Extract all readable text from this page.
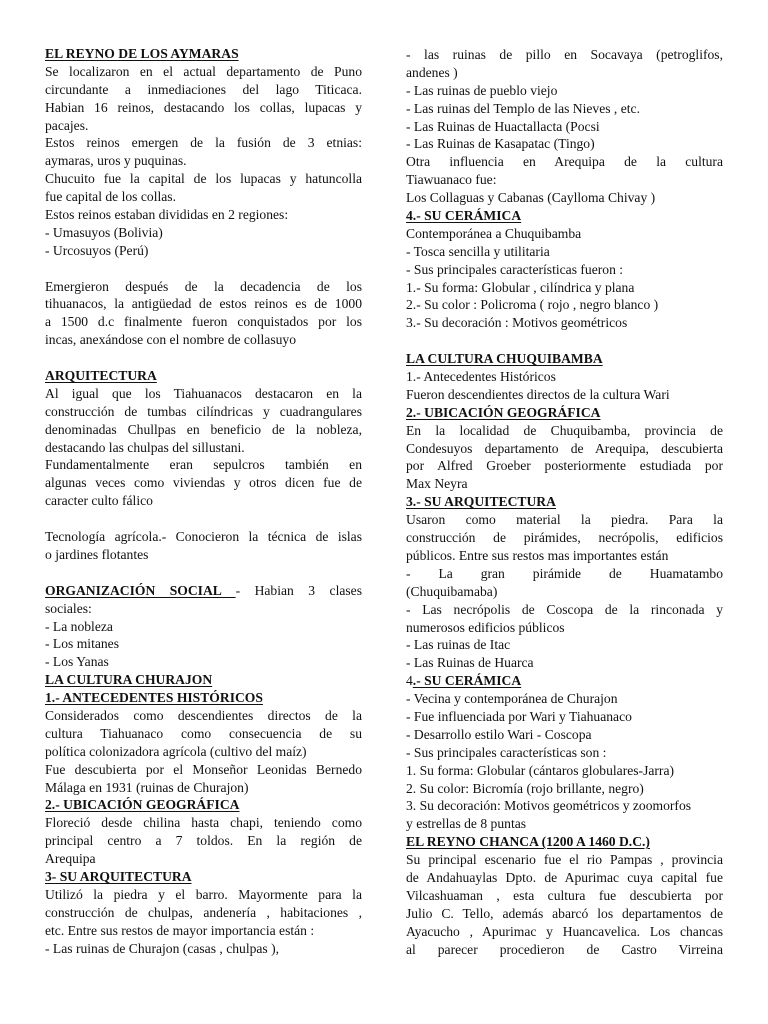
EL REYNO DE LOS AYMARAS
Se localizaron en el actual departamento de Puno
circundante a inmediaciones del lago Titicaca.
Habian 16 reinos, destacando los collas, lupacas y
pacajes.
Estos reinos emergen de la fusión de 3 etnias:
aymaras, uros y puquinas.
Chucuito fue la capital de los lupacas y hatuncolla
fue capital de los collas.
Estos reinos estaban divididas en 2 regiones:
- Umasuyos (Bolivia)
- Urcosuyos (Perú)
Emergieron después de la decadencia de los
tihuanacos, la antigüedad de estos reinos es de 1000
a 1500 d.c finalmente fueron conquistados por los
incas, anexándose con el nombre de collasuyo
ARQUITECTURA
Al igual que los Tiahuanacos destacaron en la
construcción de tumbas cilíndricas y cuadrangulares
denominadas Chullpas en beneficio de la nobleza,
destacando las chulpas del sillustani.
Fundamentalmente eran sepulcros también en
algunas veces como viviendas y otros dicen fue de
caracter culto fálico
Tecnología agrícola.- Conocieron la técnica de islas
o jardines flotantes
ORGANIZACIÓN SOCIAL - Habian 3 clases
sociales:
- La nobleza
- Los mitanes
- Los Yanas
LA CULTURA CHURAJON
1.- ANTECEDENTES HISTÓRICOS
Considerados como descendientes directos de la
cultura Tiahuanaco como consecuencia de su
política colonizadora agrícola (cultivo del maíz)
Fue descubierta por el Monseñor Leonidas Bernedo
Málaga en 1931 (ruinas de Churajon)
2.- UBICACIÓN GEOGRÁFICA
Floreció desde chilina hasta chapi, teniendo como
principal centro a 7 toldos. En la región de
Arequipa
3- SU ARQUITECTURA
Utilizó la piedra y el barro. Mayormente para la
construcción de chulpas, andenería , habitaciones ,
etc. Entre sus restos de mayor importancia están :
- Las ruinas de Churajon (casas , chulpas ),
- las ruinas de pillo en Socavaya (petroglifos,
andenes )
- Las ruinas de pueblo viejo
- Las ruinas del Templo de las Nieves , etc.
- Las Ruinas de Huactallacta (Pocsi
- Las Ruinas de Kasapatac (Tingo)
Otra influencia en Arequipa de la cultura
Tiawuanaco fue:
Los Collaguas y Cabanas (Caylloma Chivay )
4.- SU CERÁMICA
Contemporánea a Chuquibamba
- Tosca sencilla y utilitaria
- Sus principales características fueron :
1.- Su forma: Globular , cilíndrica y plana
2.- Su color : Policroma ( rojo , negro blanco )
3.- Su decoración : Motivos geométricos
LA CULTURA CHUQUIBAMBA
1.- Antecedentes Históricos
Fueron descendientes directos de la cultura Wari
2.- UBICACIÓN GEOGRÁFICA
En la localidad de Chuquibamba, provincia de
Condesuyos departamento de Arequipa, descubierta
por Alfred Groeber posteriormente estudiada por
Max Neyra
3.- SU ARQUITECTURA
Usaron como material la piedra. Para la
construcción de pirámides, necrópolis, edificios
públicos. Entre sus restos mas importantes están
- La gran pirámide de Huamatambo
(Chuquibamaba)
- Las necrópolis de Coscopa de la rinconada y
numerosos edificios públicos
- Las ruinas de Itac
- Las Ruinas de Huarca
4.- SU CERÁMICA
- Vecina y contemporánea de Churajon
- Fue influenciada por Wari y Tiahuanaco
- Desarrollo estilo Wari - Coscopa
- Sus principales características son :
1. Su forma: Globular (cántaros globulares-Jarra)
2. Su color: Bicromía (rojo brillante, negro)
3. Su decoración: Motivos geométricos y zoomorfos
y estrellas de 8 puntas
EL REYNO CHANCA (1200 A 1460 D.C.)
Su principal escenario fue el rio Pampas , provincia
de Andahuaylas Dpto. de Apurimac cuya capital fue
Vilcashuaman , esta cultura fue descubierta por
Julio C. Tello, además abarcó los departamentos de
Ayacucho , Apurimac y Huancavelica. Los chancas
al parecer procedieron de Castro Virreina
